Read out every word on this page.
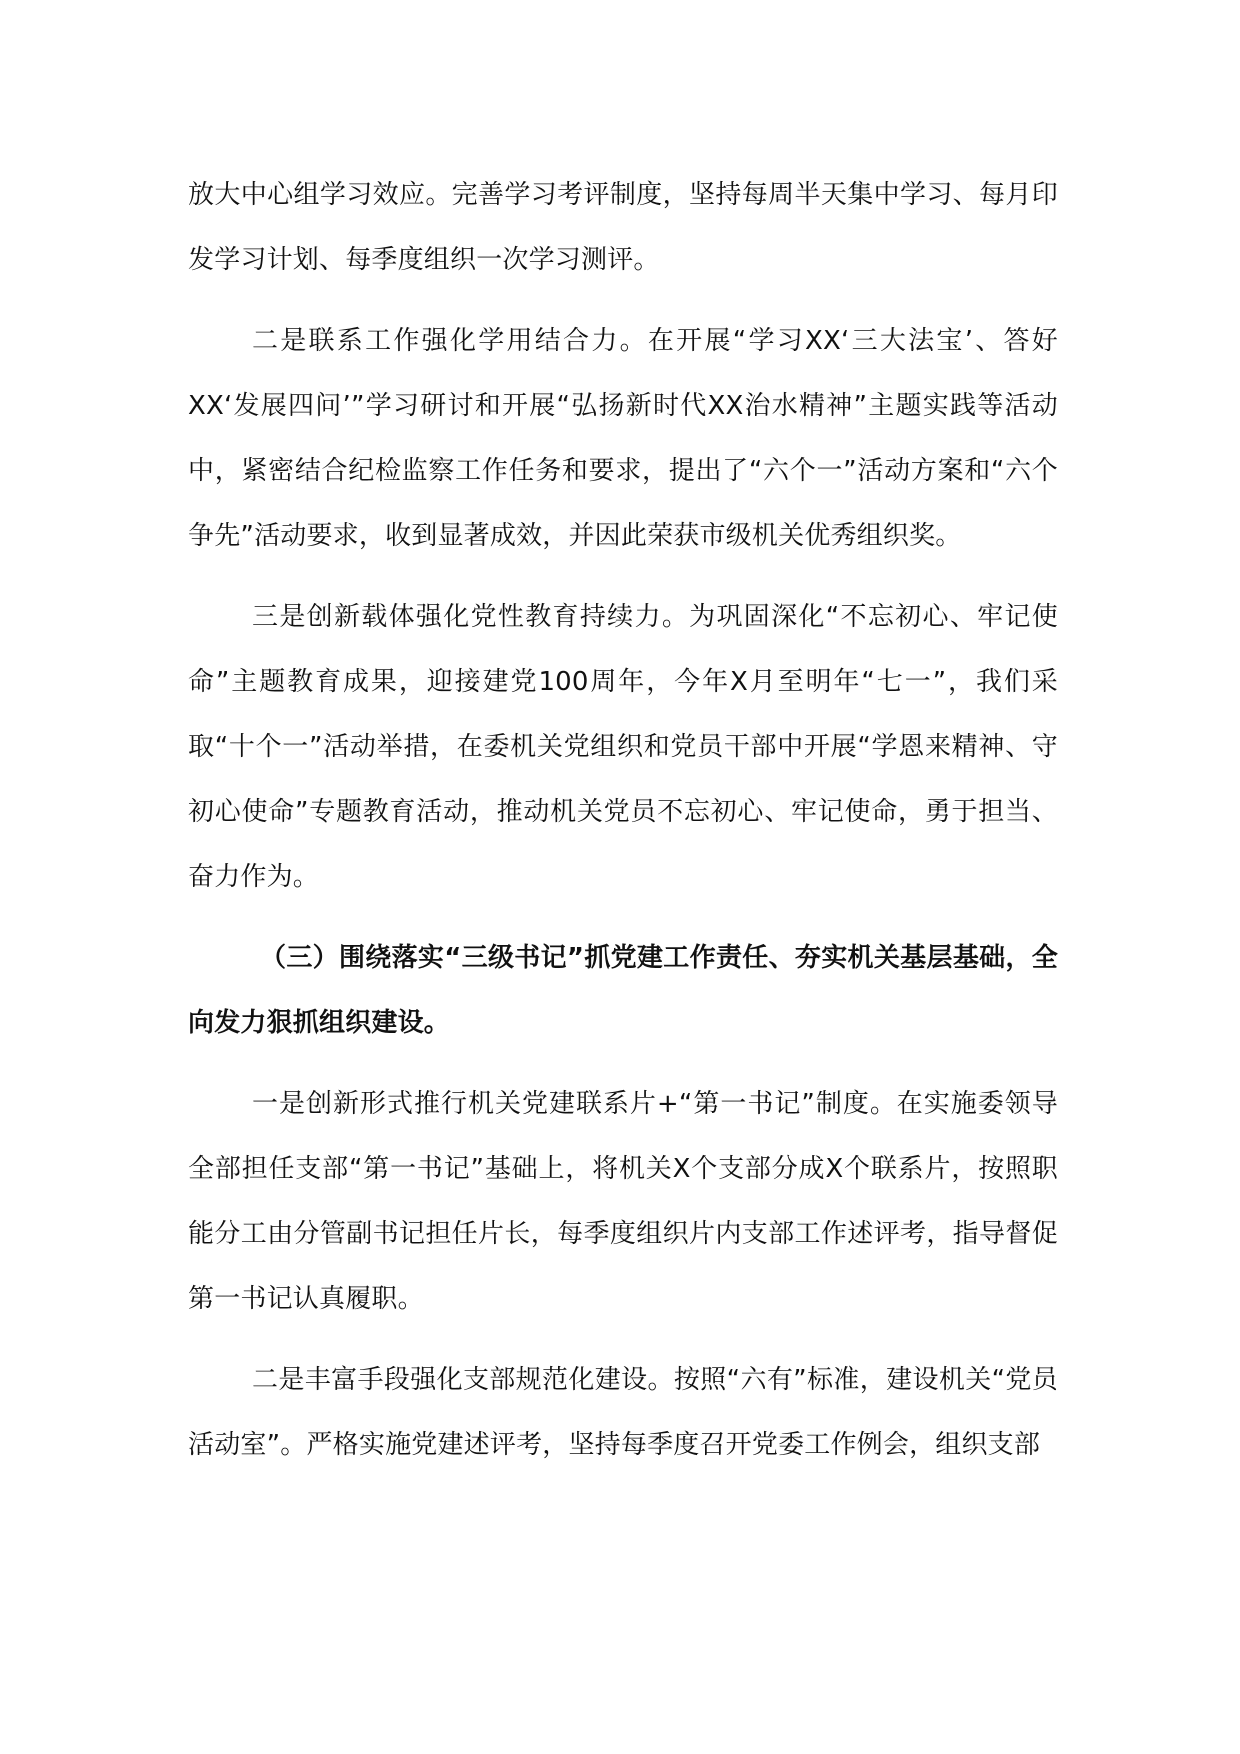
放大中心组学习效应。完善学习考评制度，坚持每周半天集中学习、每月印发学习计划、每季度组织一次学习测评。

二是联系工作强化学用结合力。在开展“学习XX‘三大法宝’、答好XX‘发展四问’”学习研讨和开展“弘扬新时代XX治水精神”主题实践等活动中，紧密结合纪检监察工作任务和要求，提出了“六个一”活动方案和“六个争先”活动要求，收到显著成效，并因此荣获市级机关优秀组织奖。

三是创新载体强化党性教育持续力。为巩固深化“不忘初心、牢记使命”主题教育成果，迎接建党100周年，今年X月至明年“七一”，我们采取“十个一”活动举措，在委机关党组织和党员干部中开展“学恩来精神、守初心使命”专题教育活动，推动机关党员不忘初心、牢记使命，勇于担当、奋力作为。

（三）围绕落实“三级书记”抓党建工作责任、夯实机关基层基础，全向发力狠抓组织建设。

一是创新形式推行机关党建联系片+“第一书记”制度。在实施委领导全部担任支部“第一书记”基础上，将机关X个支部分成X个联系片，按照职能分工由分管副书记担任片长，每季度组织片内支部工作述评考，指导督促第一书记认真履职。

二是丰富手段强化支部规范化建设。按照“六有”标准，建设机关“党员活动室”。严格实施党建述评考，坚持每季度召开党委工作例会，组织支部
